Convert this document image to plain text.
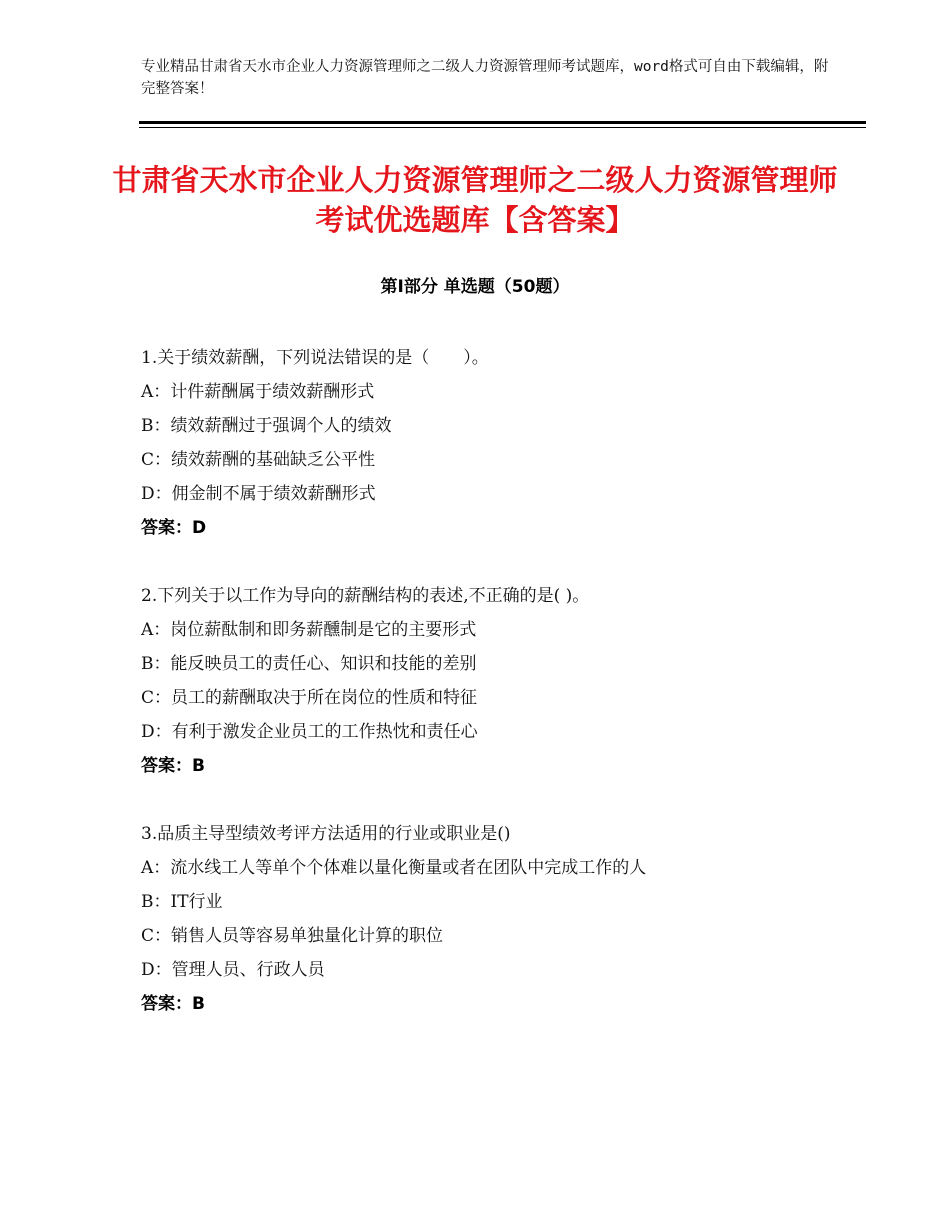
专业精品甘肃省天水市企业人力资源管理师之二级人力资源管理师考试题库，word格式可自由下载编辑，附完整答案！
甘肃省天水市企业人力资源管理师之二级人力资源管理师考试优选题库【含答案】
第Ⅰ部分 单选题（50题）
1.关于绩效薪酬，下列说法错误的是（　　）。
A：计件薪酬属于绩效薪酬形式
B：绩效薪酬过于强调个人的绩效
C：绩效薪酬的基础缺乏公平性
D：佣金制不属于绩效薪酬形式
答案：D
2.下列关于以工作为导向的薪酬结构的表述,不正确的是( )。
A：岗位薪酞制和即务薪醺制是它的主要形式
B：能反映员工的责任心、知识和技能的差别
C：员工的薪酬取决于所在岗位的性质和特征
D：有利于激发企业员工的工作热忱和责任心
答案：B
3.品质主导型绩效考评方法适用的行业或职业是()
A：流水线工人等单个个体难以量化衡量或者在团队中完成工作的人
B：IT行业
C：销售人员等容易单独量化计算的职位
D：管理人员、行政人员
答案：B
